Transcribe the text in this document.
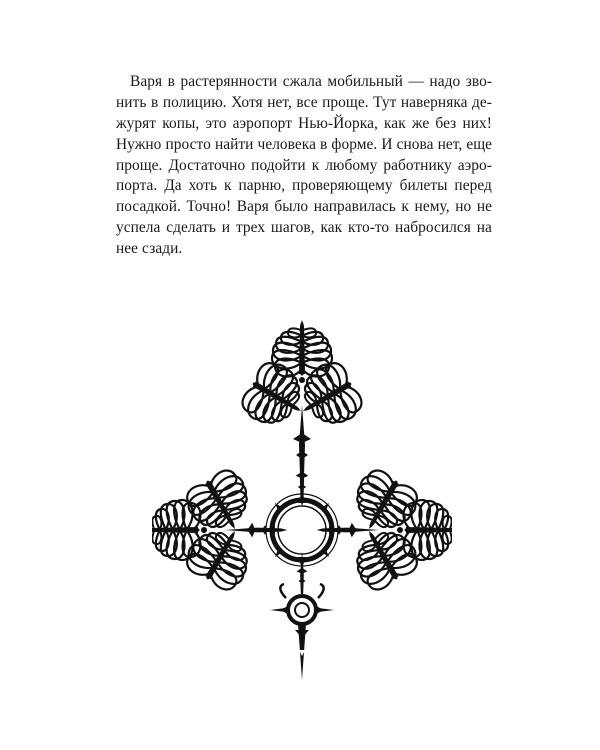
Варя в растерянности сжала мобильный — надо зво-
нить в полицию. Хотя нет, все проще. Тут наверняка де-
журят копы, это аэропорт Нью-Йорка, как же без них!
Нужно просто найти человека в форме. И снова нет, еще
проще. Достаточно подойти к любому работнику аэро-
порта. Да хоть к парню, проверяющему билеты перед
посадкой. Точно! Варя было направилась к нему, но не
успела сделать и трех шагов, как кто-то набросился на
нее сзади.
